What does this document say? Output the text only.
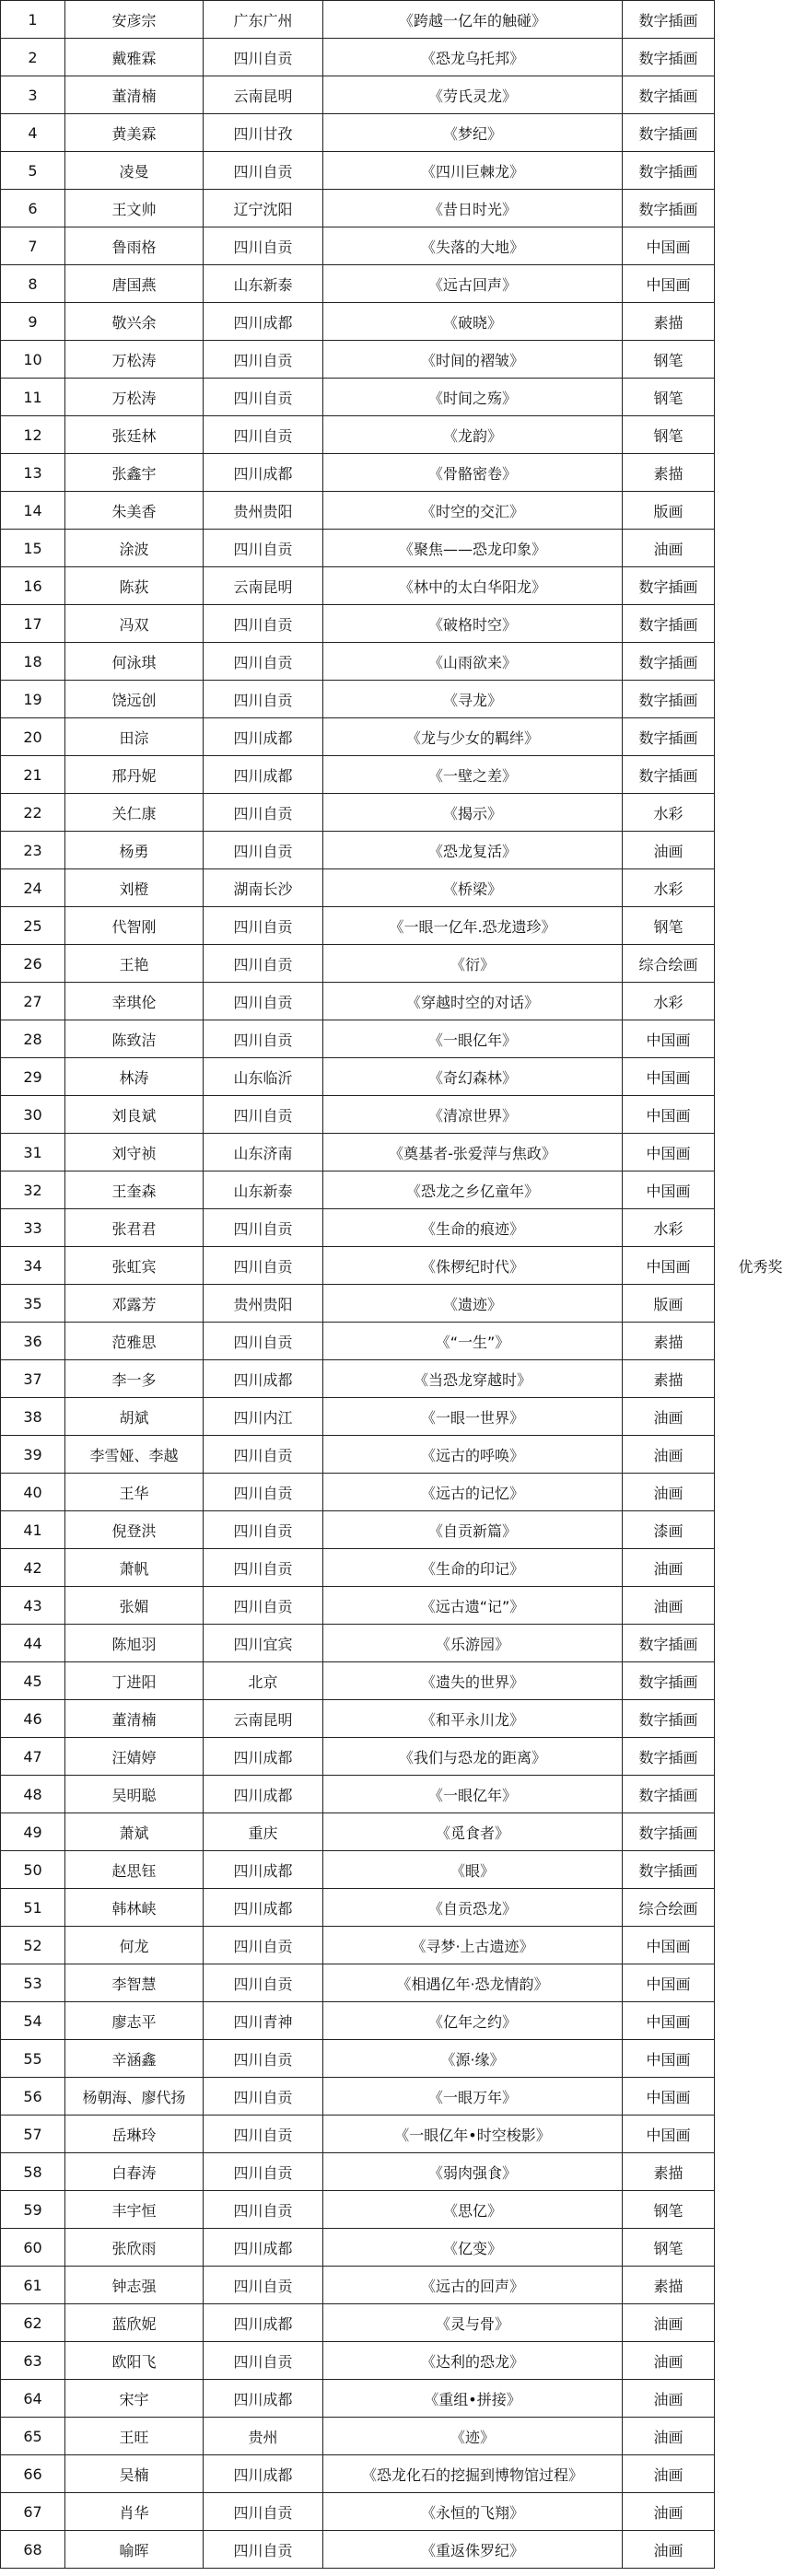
1	安彦宗	广东广州	《跨越一亿年的触碰》	数字插画	
2	戴雅霖	四川自贡	《恐龙乌托邦》	数字插画	
3	董清楠	云南昆明	《劳氏灵龙》	数字插画	
4	黄美霖	四川甘孜	《梦纪》	数字插画	
5	凌曼	四川自贡	《四川巨棘龙》	数字插画	
6	王文帅	辽宁沈阳	《昔日时光》	数字插画	
7	鲁雨格	四川自贡	《失落的大地》	中国画	
8	唐国燕	山东新泰	《远古回声》	中国画	
9	敬兴余	四川成都	《破晓》	素描	
10	万松涛	四川自贡	《时间的褶皱》	钢笔	
11	万松涛	四川自贡	《时间之殇》	钢笔	
12	张廷林	四川自贡	《龙韵》	钢笔	
13	张鑫宇	四川成都	《骨骼密卷》	素描	
14	朱美香	贵州贵阳	《时空的交汇》	版画	
15	涂波	四川自贡	《聚焦——恐龙印象》	油画	
16	陈荻	云南昆明	《林中的太白华阳龙》	数字插画	
17	冯双	四川自贡	《破格时空》	数字插画	
18	何泳琪	四川自贡	《山雨欲来》	数字插画	
19	饶远创	四川自贡	《寻龙》	数字插画	
20	田淙	四川成都	《龙与少女的羁绊》	数字插画	
21	邢丹妮	四川成都	《一壁之差》	数字插画	
22	关仁康	四川自贡	《揭示》	水彩	
23	杨勇	四川自贡	《恐龙复活》	油画	
24	刘橙	湖南长沙	《桥梁》	水彩	
25	代智刚	四川自贡	《一眼一亿年.恐龙遗珍》	钢笔	
26	王艳	四川自贡	《衍》	综合绘画	
27	幸琪伦	四川自贡	《穿越时空的对话》	水彩	
28	陈致洁	四川自贡	《一眼亿年》	中国画	
29	林涛	山东临沂	《奇幻森林》	中国画	
30	刘良斌	四川自贡	《清凉世界》	中国画	
31	刘守祯	山东济南	《奠基者-张爱萍与焦政》	中国画	
32	王奎森	山东新泰	《恐龙之乡亿童年》	中国画	
33	张君君	四川自贡	《生命的痕迹》	水彩	
34	张虹宾	四川自贡	《侏椤纪时代》	中国画	优秀奖
35	邓露芳	贵州贵阳	《遗迹》	版画	
36	范雅思	四川自贡	《“一生”》	素描	
37	李一多	四川成都	《当恐龙穿越时》	素描	
38	胡斌	四川内江	《一眼一世界》	油画	
39	李雪娅、李越	四川自贡	《远古的呼唤》	油画	
40	王华	四川自贡	《远古的记忆》	油画	
41	倪登洪	四川自贡	《自贡新篇》	漆画	
42	萧帆	四川自贡	《生命的印记》	油画	
43	张媚	四川自贡	《远古遗“记”》	油画	
44	陈旭羽	四川宜宾	《乐游园》	数字插画	
45	丁进阳	北京	《遗失的世界》	数字插画	
46	董清楠	云南昆明	《和平永川龙》	数字插画	
47	汪婧婷	四川成都	《我们与恐龙的距离》	数字插画	
48	吴明聪	四川成都	《一眼亿年》	数字插画	
49	萧斌	重庆	《觅食者》	数字插画	
50	赵思钰	四川成都	《眼》	数字插画	
51	韩林峡	四川成都	《自贡恐龙》	综合绘画	
52	何龙	四川自贡	《寻梦·上古遗迹》	中国画	
53	李智慧	四川自贡	《相遇亿年·恐龙情韵》	中国画	
54	廖志平	四川青神	《亿年之约》	中国画	
55	辛涵鑫	四川自贡	《源·缘》	中国画	
56	杨朝海、廖代扬	四川自贡	《一眼万年》	中国画	
57	岳琳玲	四川自贡	《一眼亿年•时空梭影》	中国画	
58	白春涛	四川自贡	《弱肉强食》	素描	
59	丰宇恒	四川自贡	《思亿》	钢笔	
60	张欣雨	四川成都	《亿变》	钢笔	
61	钟志强	四川自贡	《远古的回声》	素描	
62	蓝欣妮	四川成都	《灵与骨》	油画	
63	欧阳飞	四川自贡	《达利的恐龙》	油画	
64	宋宇	四川成都	《重组•拼接》	油画	
65	王旺	贵州	《迹》	油画	
66	吴楠	四川成都	《恐龙化石的挖掘到博物馆过程》	油画	
67	肖华	四川自贡	《永恒的飞翔》	油画	
68	喻晖	四川自贡	《重返侏罗纪》	油画	
